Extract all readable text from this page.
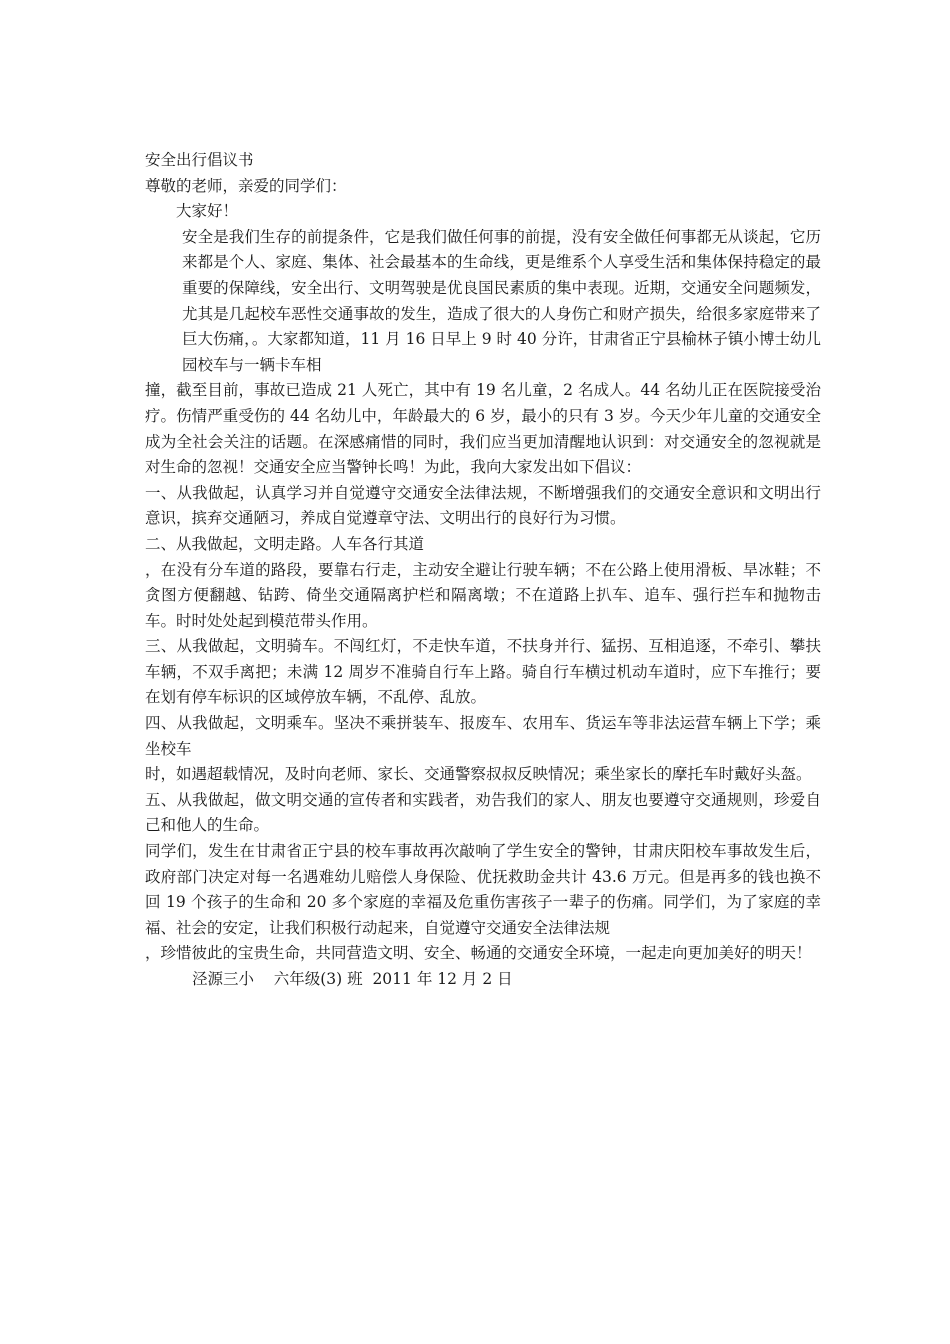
安全出行倡议书

尊敬的老师，亲爱的同学们：

大家好！

安全是我们生存的前提条件，它是我们做任何事的前提，没有安全做任何事都无从谈起，它历来都是个人、家庭、集体、社会最基本的生命线，更是维系个人享受生活和集体保持稳定的最重要的保障线，安全出行、文明驾驶是优良国民素质的集中表现。近期，交通安全问题频发，尤其是几起校车恶性交通事故的发生，造成了很大的人身伤亡和财产损失，给很多家庭带来了巨大伤痛，。大家都知道，11 月 16 日早上 9 时 40 分许，甘肃省正宁县榆林子镇小博士幼儿园校车与一辆卡车相

撞，截至目前，事故已造成 21 人死亡，其中有 19 名儿童，2 名成人。44 名幼儿正在医院接受治疗。伤情严重受伤的 44 名幼儿中，年龄最大的 6 岁，最小的只有 3 岁。今天少年儿童的交通安全成为全社会关注的话题。在深感痛惜的同时，我们应当更加清醒地认识到：对交通安全的忽视就是对生命的忽视！交通安全应当警钟长鸣！为此，我向大家发出如下倡议：

一、从我做起，认真学习并自觉遵守交通安全法律法规，不断增强我们的交通安全意识和文明出行意识，摈弃交通陋习，养成自觉遵章守法、文明出行的良好行为习惯。

二、从我做起，文明走路。人车各行其道

，在没有分车道的路段，要靠右行走，主动安全避让行驶车辆；不在公路上使用滑板、旱冰鞋；不贪图方便翻越、钻跨、倚坐交通隔离护栏和隔离墩；不在道路上扒车、追车、强行拦车和抛物击车。时时处处起到模范带头作用。

三、从我做起，文明骑车。不闯红灯，不走快车道，不扶身并行、猛拐、互相追逐，不牵引、攀扶车辆，不双手离把；未满 12 周岁不准骑自行车上路。骑自行车横过机动车道时，应下车推行；要在划有停车标识的区域停放车辆，不乱停、乱放。

四、从我做起，文明乘车。坚决不乘拼装车、报废车、农用车、货运车等非法运营车辆上下学；乘坐校车

时，如遇超载情况，及时向老师、家长、交通警察叔叔反映情况；乘坐家长的摩托车时戴好头盔。

五、从我做起，做文明交通的宣传者和实践者，劝告我们的家人、朋友也要遵守交通规则，珍爱自己和他人的生命。

同学们，发生在甘肃省正宁县的校车事故再次敲响了学生安全的警钟，甘肃庆阳校车事故发生后，政府部门决定对每一名遇难幼儿赔偿人身保险、优抚救助金共计 43.6 万元。但是再多的钱也换不回 19 个孩子的生命和 20 多个家庭的幸福及危重伤害孩子一辈子的伤痛。同学们，为了家庭的幸福、社会的安定，让我们积极行动起来，自觉遵守交通安全法律法规

，珍惜彼此的宝贵生命，共同营造文明、安全、畅通的交通安全环境，一起走向更加美好的明天！

泾源三小    六年级(3) 班  2011 年 12 月 2 日
